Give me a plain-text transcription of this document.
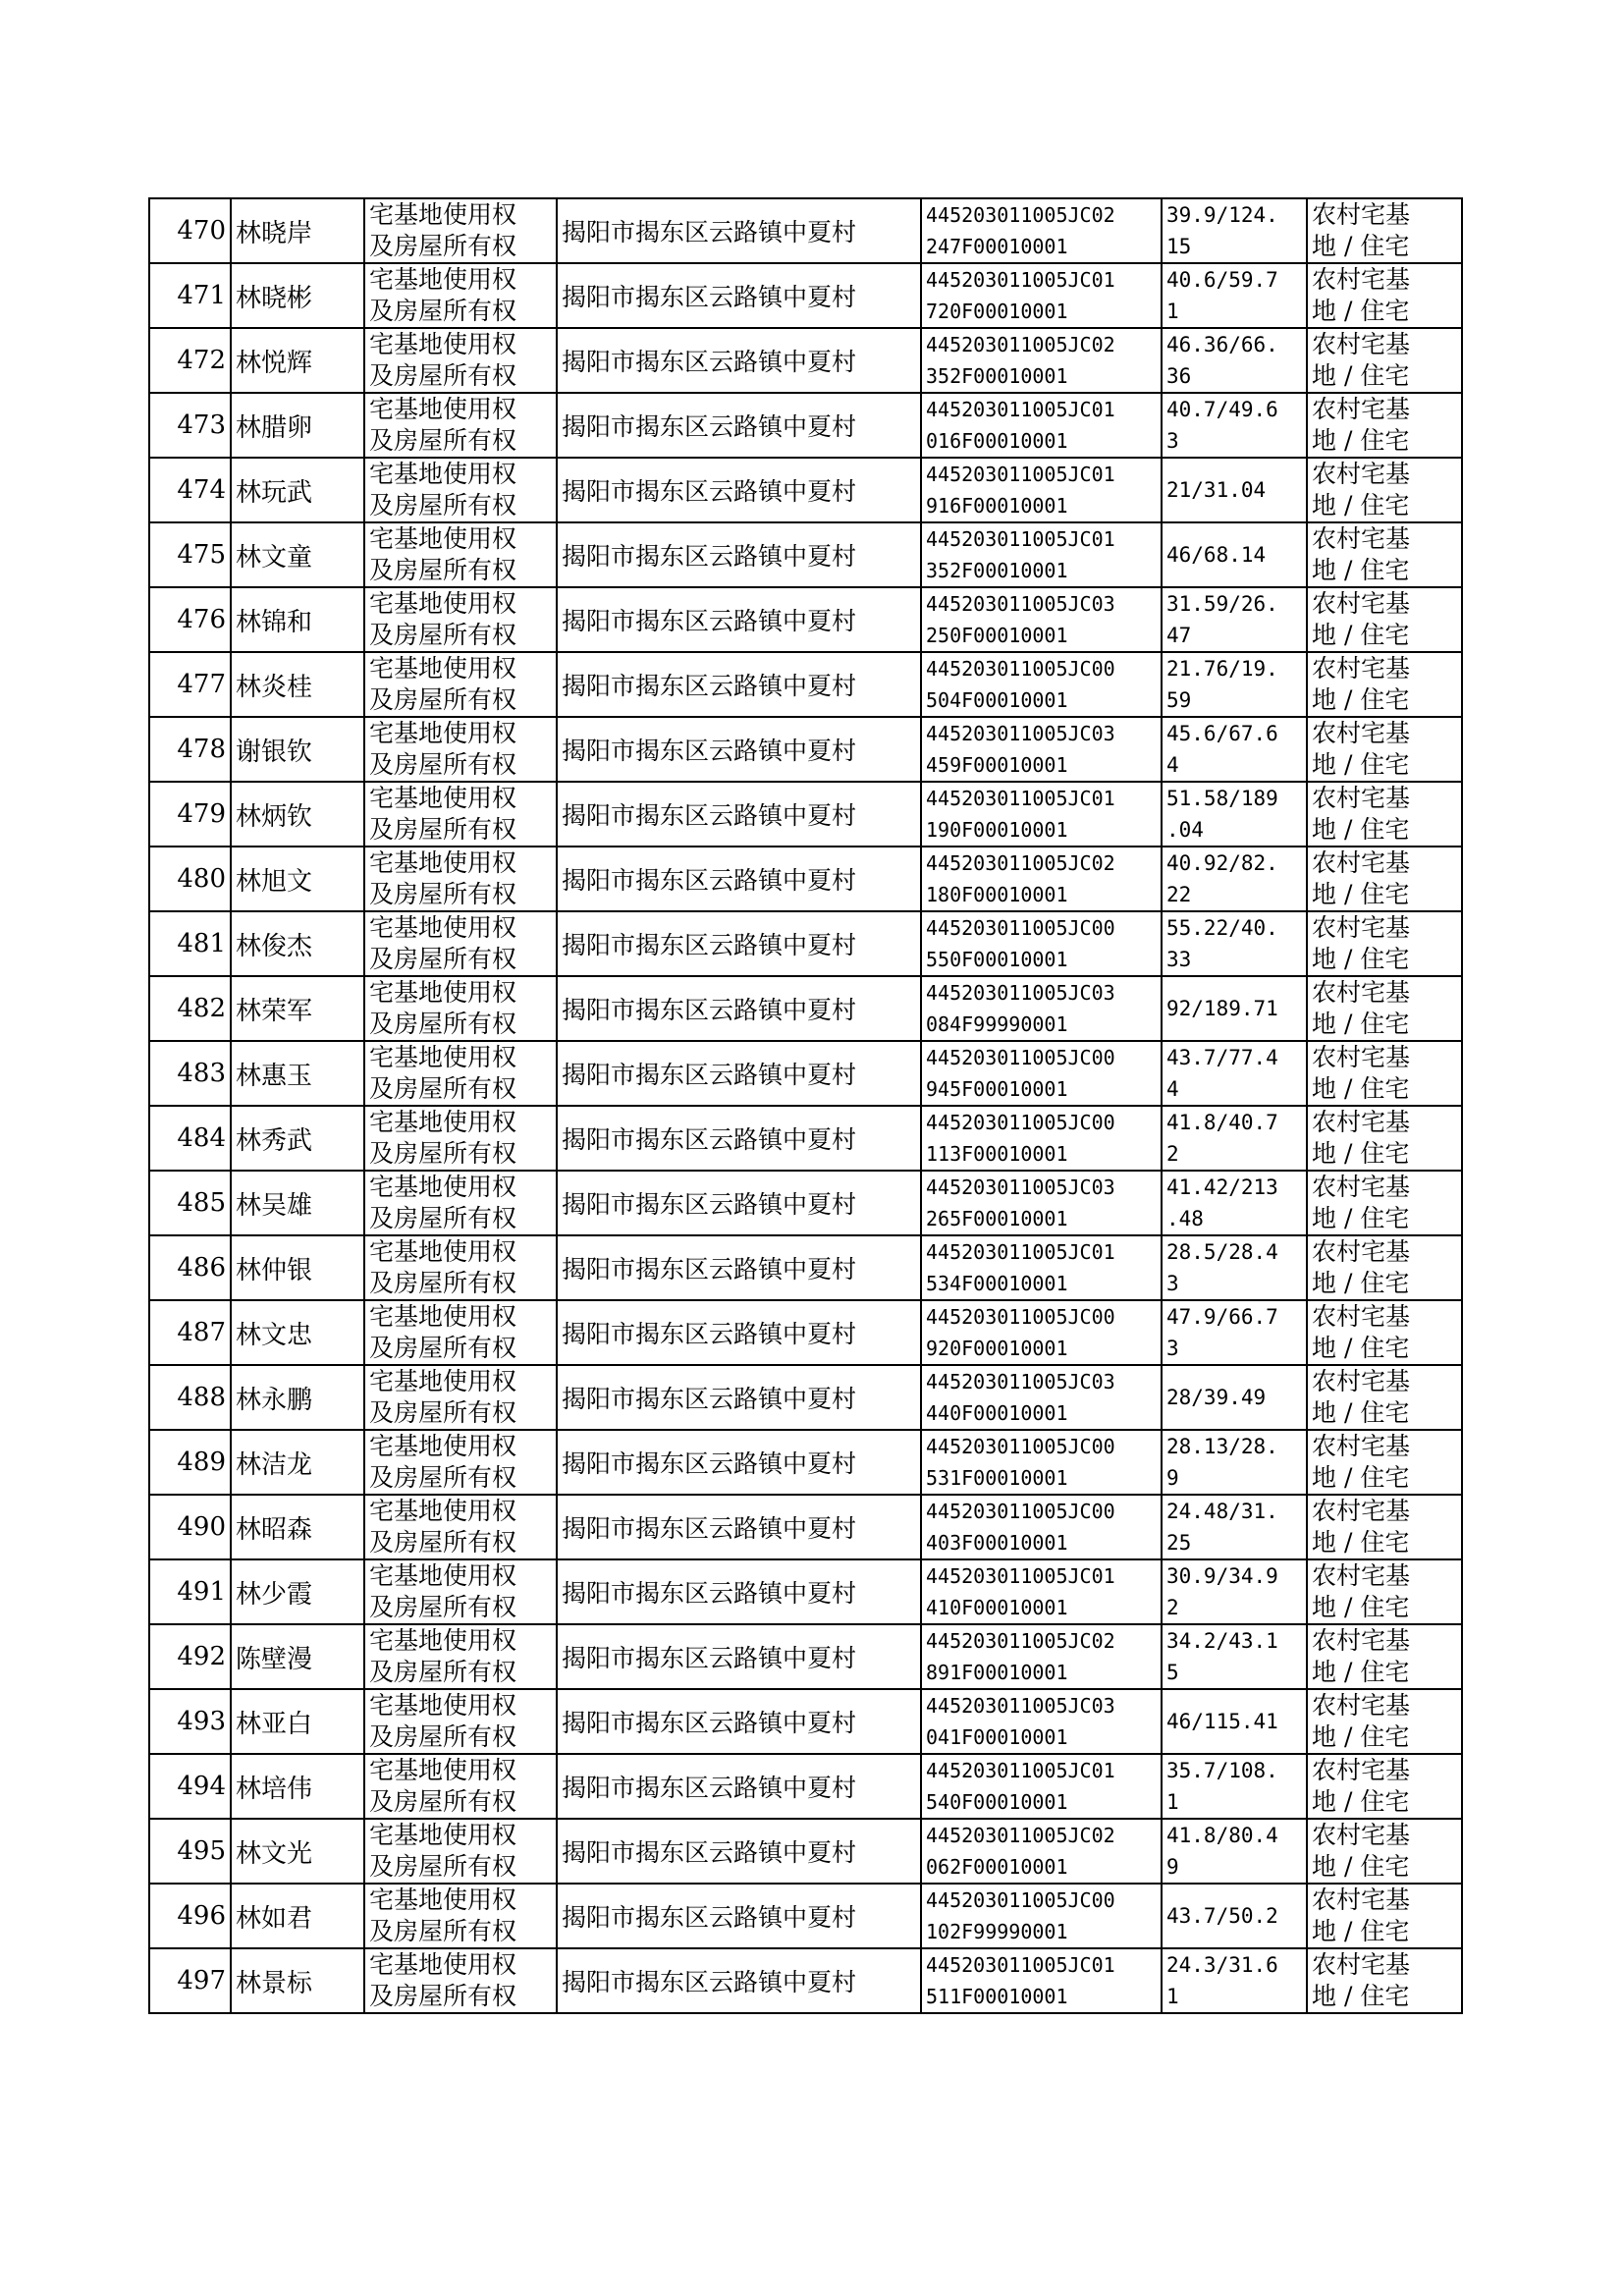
470	林晓岸	宅基地使用权
及房屋所有权	揭阳市揭东区云路镇中夏村	445203011005JC02
247F00010001	39.9/124.
15	农村宅基
地 / 住宅

471	林晓彬	宅基地使用权
及房屋所有权	揭阳市揭东区云路镇中夏村	445203011005JC01
720F00010001	40.6/59.7
1	农村宅基
地 / 住宅

472	林悦辉	宅基地使用权
及房屋所有权	揭阳市揭东区云路镇中夏村	445203011005JC02
352F00010001	46.36/66.
36	农村宅基
地 / 住宅

473	林腊卵	宅基地使用权
及房屋所有权	揭阳市揭东区云路镇中夏村	445203011005JC01
016F00010001	40.7/49.6
3	农村宅基
地 / 住宅

474	林玩武	宅基地使用权
及房屋所有权	揭阳市揭东区云路镇中夏村	445203011005JC01
916F00010001	21/31.04	农村宅基
地 / 住宅

475	林文童	宅基地使用权
及房屋所有权	揭阳市揭东区云路镇中夏村	445203011005JC01
352F00010001	46/68.14	农村宅基
地 / 住宅

476	林锦和	宅基地使用权
及房屋所有权	揭阳市揭东区云路镇中夏村	445203011005JC03
250F00010001	31.59/26.
47	农村宅基
地 / 住宅

477	林炎桂	宅基地使用权
及房屋所有权	揭阳市揭东区云路镇中夏村	445203011005JC00
504F00010001	21.76/19.
59	农村宅基
地 / 住宅

478	谢银钦	宅基地使用权
及房屋所有权	揭阳市揭东区云路镇中夏村	445203011005JC03
459F00010001	45.6/67.6
4	农村宅基
地 / 住宅

479	林炳钦	宅基地使用权
及房屋所有权	揭阳市揭东区云路镇中夏村	445203011005JC01
190F00010001	51.58/189
.04	农村宅基
地 / 住宅

480	林旭文	宅基地使用权
及房屋所有权	揭阳市揭东区云路镇中夏村	445203011005JC02
180F00010001	40.92/82.
22	农村宅基
地 / 住宅

481	林俊杰	宅基地使用权
及房屋所有权	揭阳市揭东区云路镇中夏村	445203011005JC00
550F00010001	55.22/40.
33	农村宅基
地 / 住宅

482	林荣军	宅基地使用权
及房屋所有权	揭阳市揭东区云路镇中夏村	445203011005JC03
084F99990001	92/189.71	农村宅基
地 / 住宅

483	林惠玉	宅基地使用权
及房屋所有权	揭阳市揭东区云路镇中夏村	445203011005JC00
945F00010001	43.7/77.4
4	农村宅基
地 / 住宅

484	林秀武	宅基地使用权
及房屋所有权	揭阳市揭东区云路镇中夏村	445203011005JC00
113F00010001	41.8/40.7
2	农村宅基
地 / 住宅

485	林吴雄	宅基地使用权
及房屋所有权	揭阳市揭东区云路镇中夏村	445203011005JC03
265F00010001	41.42/213
.48	农村宅基
地 / 住宅

486	林仲银	宅基地使用权
及房屋所有权	揭阳市揭东区云路镇中夏村	445203011005JC01
534F00010001	28.5/28.4
3	农村宅基
地 / 住宅

487	林文忠	宅基地使用权
及房屋所有权	揭阳市揭东区云路镇中夏村	445203011005JC00
920F00010001	47.9/66.7
3	农村宅基
地 / 住宅

488	林永鹏	宅基地使用权
及房屋所有权	揭阳市揭东区云路镇中夏村	445203011005JC03
440F00010001	28/39.49	农村宅基
地 / 住宅

489	林洁龙	宅基地使用权
及房屋所有权	揭阳市揭东区云路镇中夏村	445203011005JC00
531F00010001	28.13/28.
9	农村宅基
地 / 住宅

490	林昭森	宅基地使用权
及房屋所有权	揭阳市揭东区云路镇中夏村	445203011005JC00
403F00010001	24.48/31.
25	农村宅基
地 / 住宅

491	林少霞	宅基地使用权
及房屋所有权	揭阳市揭东区云路镇中夏村	445203011005JC01
410F00010001	30.9/34.9
2	农村宅基
地 / 住宅

492	陈壁漫	宅基地使用权
及房屋所有权	揭阳市揭东区云路镇中夏村	445203011005JC02
891F00010001	34.2/43.1
5	农村宅基
地 / 住宅

493	林亚白	宅基地使用权
及房屋所有权	揭阳市揭东区云路镇中夏村	445203011005JC03
041F00010001	46/115.41	农村宅基
地 / 住宅

494	林培伟	宅基地使用权
及房屋所有权	揭阳市揭东区云路镇中夏村	445203011005JC01
540F00010001	35.7/108.
1	农村宅基
地 / 住宅

495	林文光	宅基地使用权
及房屋所有权	揭阳市揭东区云路镇中夏村	445203011005JC02
062F00010001	41.8/80.4
9	农村宅基
地 / 住宅

496	林如君	宅基地使用权
及房屋所有权	揭阳市揭东区云路镇中夏村	445203011005JC00
102F99990001	43.7/50.2	农村宅基
地 / 住宅

497	林景标	宅基地使用权
及房屋所有权	揭阳市揭东区云路镇中夏村	445203011005JC01
511F00010001	24.3/31.6
1	农村宅基
地 / 住宅
